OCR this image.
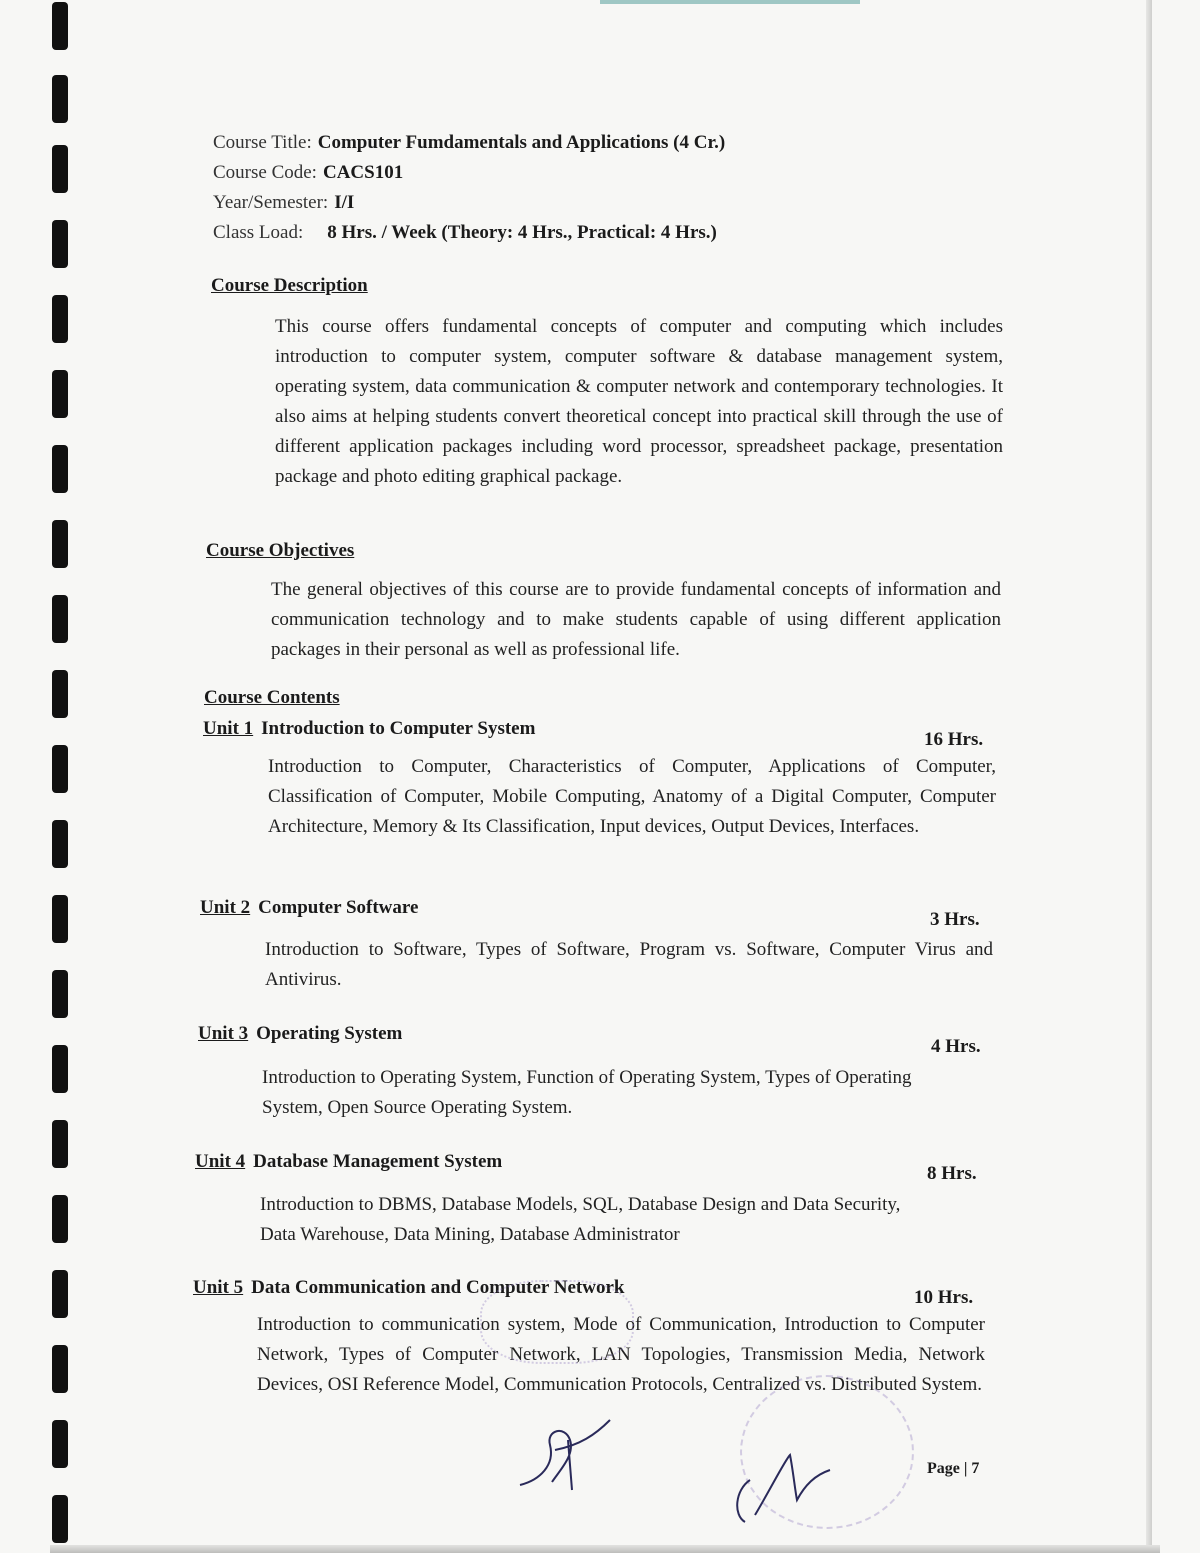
Course Title: Computer Fumdamentals and Applications (4 Cr.)
Course Code: CACS101
Year/Semester: I/I
Class Load: 8 Hrs. / Week (Theory: 4 Hrs., Practical: 4 Hrs.)
Course Description
This course offers fundamental concepts of computer and computing which includes introduction to computer system, computer software & database management system, operating system, data communication & computer network and contemporary technologies. It also aims at helping students convert theoretical concept into practical skill through the use of different application packages including word processor, spreadsheet package, presentation package and photo editing graphical package.
Course Objectives
The general objectives of this course are to provide fundamental concepts of information and communication technology and to make students capable of using different application packages in their personal as well as professional life.
Course Contents
Unit 1 Introduction to Computer System
16 Hrs.
Introduction to Computer, Characteristics of Computer, Applications of Computer, Classification of Computer, Mobile Computing, Anatomy of a Digital Computer, Computer Architecture, Memory & Its Classification, Input devices, Output Devices, Interfaces.
Unit 2 Computer Software
3 Hrs.
Introduction to Software, Types of Software, Program vs. Software, Computer Virus and Antivirus.
Unit 3 Operating System
4 Hrs.
Introduction to Operating System, Function of Operating System, Types of Operating System, Open Source Operating System.
Unit 4 Database Management System
8 Hrs.
Introduction to DBMS, Database Models, SQL, Database Design and Data Security, Data Warehouse, Data Mining, Database Administrator
Unit 5 Data Communication and Computer Network	10 Hrs.
Introduction to communication system, Mode of Communication, Introduction to Computer Network, Types of Computer Network, LAN Topologies, Transmission Media, Network Devices, OSI Reference Model, Communication Protocols, Centralized vs. Distributed System.
Page | 7
